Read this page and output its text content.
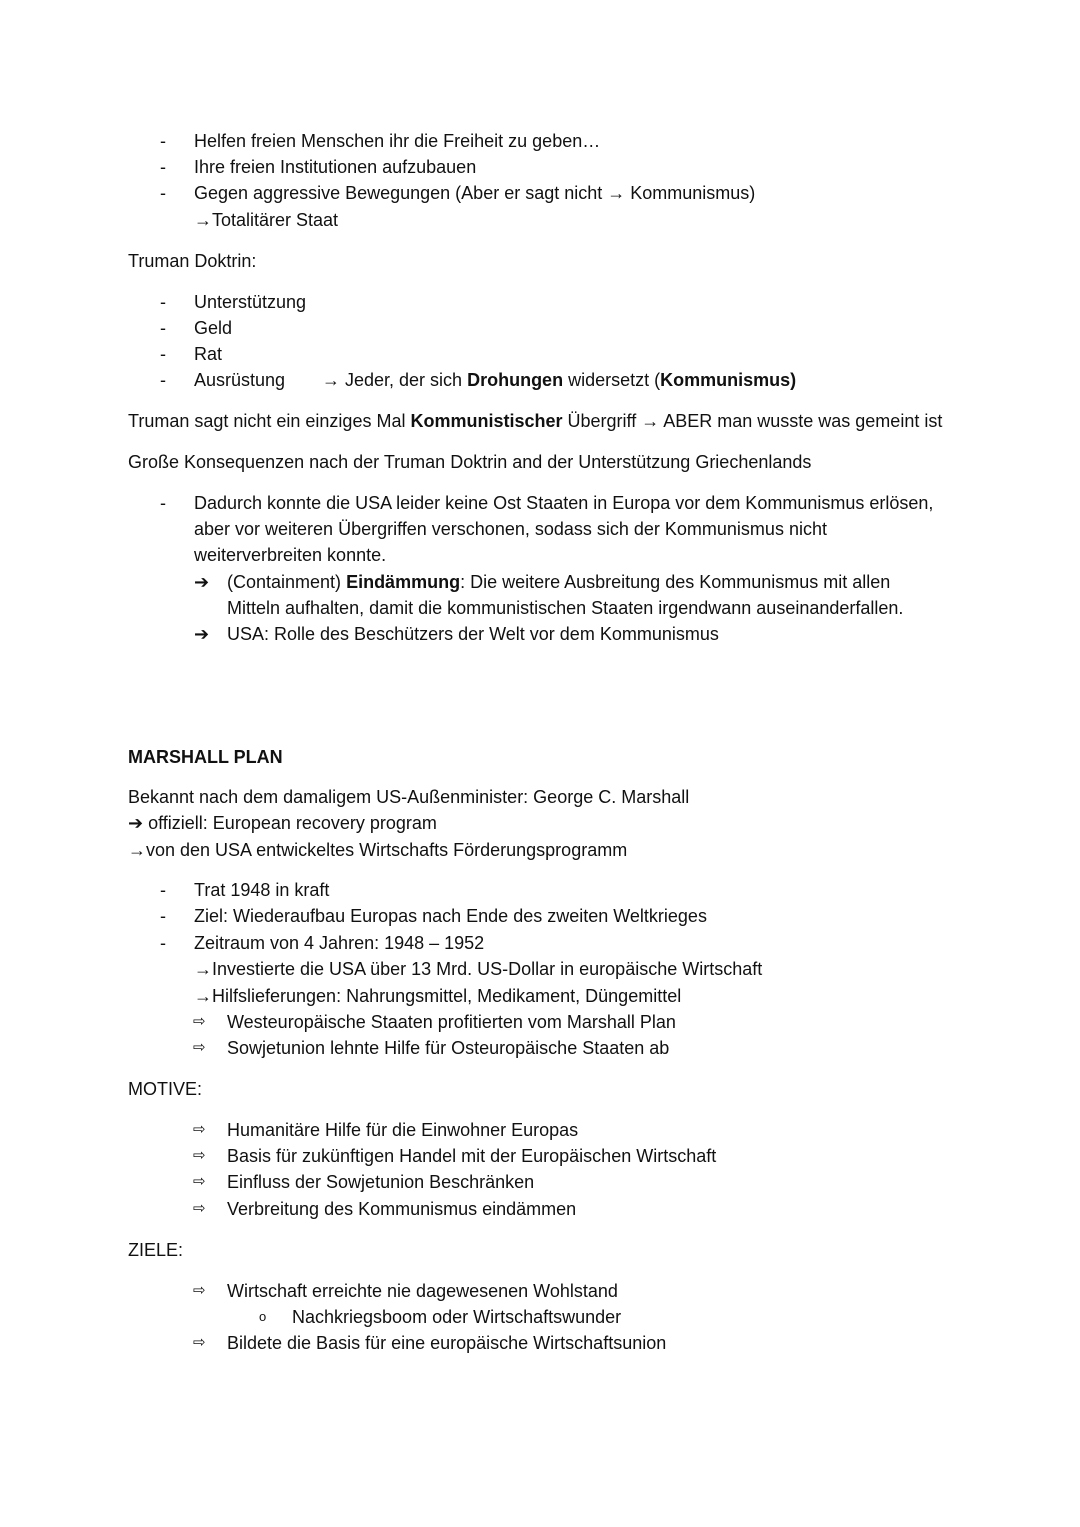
- Helfen freien Menschen ihr die Freiheit zu geben…
- Ihre freien Institutionen aufzubauen
- Gegen aggressive Bewegungen (Aber er sagt nicht → Kommunismus)
→Totalitärer Staat
Truman Doktrin:
- Unterstützung
- Geld
- Rat
- Ausrüstung → Jeder, der sich Drohungen widersetzt (Kommunismus)
Truman sagt nicht ein einziges Mal Kommunistischer Übergriff → ABER man wusste was gemeint ist
Große Konsequenzen nach der Truman Doktrin and der Unterstützung Griechenlands
- Dadurch konnte die USA leider keine Ost Staaten in Europa vor dem Kommunismus erlösen,
aber vor weiteren Übergriffen verschonen, sodass sich der Kommunismus nicht
weiterverbreiten konnte.
➔ (Containment) Eindämmung: Die weitere Ausbreitung des Kommunismus mit allen
Mitteln aufhalten, damit die kommunistischen Staaten irgendwann auseinanderfallen.
➔ USA: Rolle des Beschützers der Welt vor dem Kommunismus
MARSHALL PLAN
Bekannt nach dem damaligem US-Außenminister: George C. Marshall
➔ offiziell: European recovery program
→von den USA entwickeltes Wirtschafts Förderungsprogramm
- Trat 1948 in kraft
- Ziel: Wiederaufbau Europas nach Ende des zweiten Weltkrieges
- Zeitraum von 4 Jahren: 1948 – 1952
→Investierte die USA über 13 Mrd. US-Dollar in europäische Wirtschaft
→Hilfslieferungen: Nahrungsmittel, Medikament, Düngemittel
⇨ Westeuropäische Staaten profitierten vom Marshall Plan
⇨ Sowjetunion lehnte Hilfe für Osteuropäische Staaten ab
MOTIVE:
⇨ Humanitäre Hilfe für die Einwohner Europas
⇨ Basis für zukünftigen Handel mit der Europäischen Wirtschaft
⇨ Einfluss der Sowjetunion Beschränken
⇨ Verbreitung des Kommunismus eindämmen
ZIELE:
⇨ Wirtschaft erreichte nie dagewesenen Wohlstand
o Nachkriegsboom oder Wirtschaftswunder
⇨ Bildete die Basis für eine europäische Wirtschaftsunion
